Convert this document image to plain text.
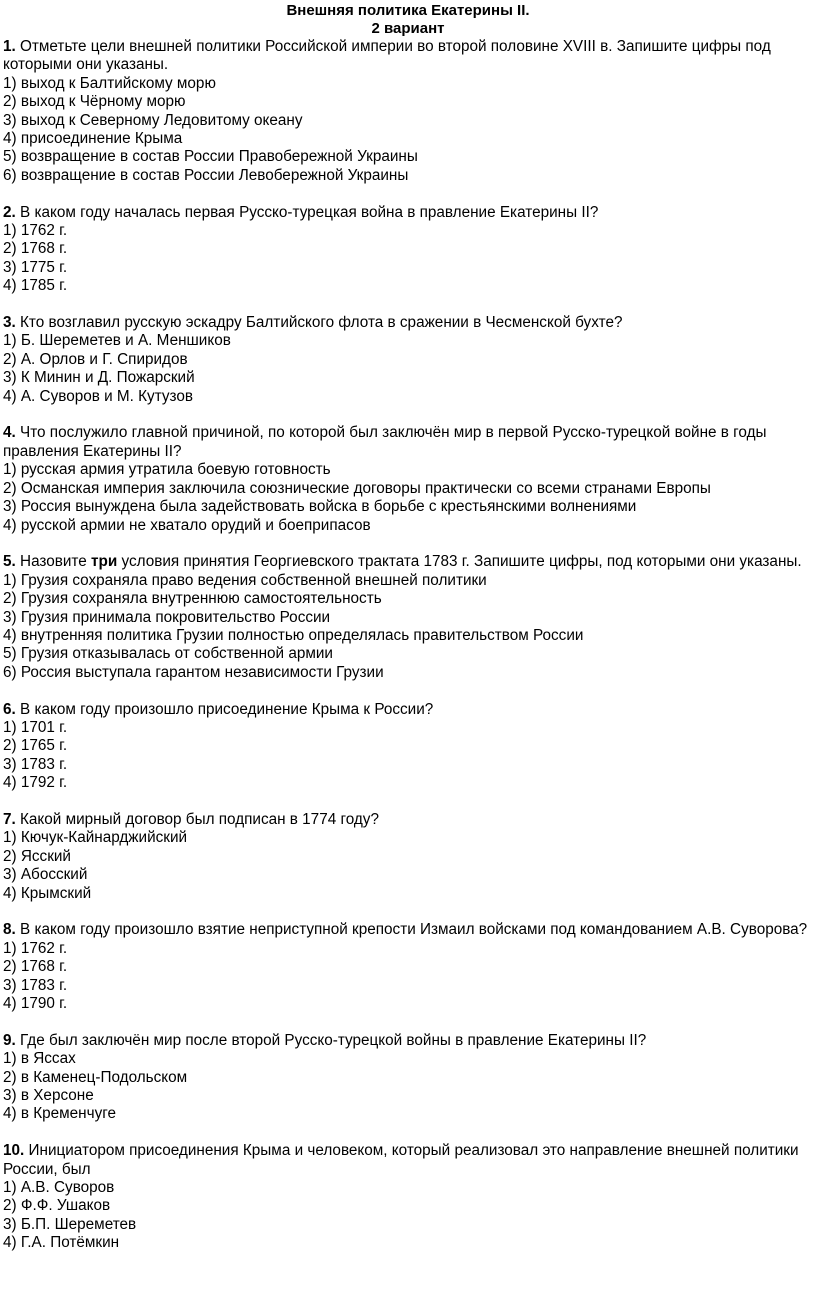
Внешняя политика Екатерины II.

2 вариант

1. Отметьте цели внешней политики Российской империи во второй половине XVIII в. Запишите цифры под которыми они указаны.

1) выход к Балтийскому морю

2) выход к Чёрному морю

3) выход к Северному Ледовитому океану

4) присоединение Крыма

5) возвращение в состав России Правобережной Украины

6) возвращение в состав России Левобережной Украины

2. В каком году началась первая Русско-турецкая война в правление Екатерины II?

1) 1762 г.

2) 1768 г.

3) 1775 г.

4) 1785 г.

3. Кто возглавил русскую эскадру Балтийского флота в сражении в Чесменской бухте?

1) Б. Шереметев и А. Меншиков

2) А. Орлов и Г. Спиридов

3) К Минин и Д. Пожарский

4) А. Суворов и М. Кутузов

4. Что послужило главной причиной, по которой был заключён мир в первой Русско-турецкой войне в годы правления Екатерины II?

1) русская армия утратила боевую готовность

2) Османская империя заключила союзнические договоры практически со всеми странами Европы

3) Россия вынуждена была задействовать войска в борьбе с крестьянскими волнениями

4) русской армии не хватало орудий и боеприпасов

5. Назовите три условия принятия Георгиевского трактата 1783 г. Запишите цифры, под которыми они указаны.

1) Грузия сохраняла право ведения собственной внешней политики

2) Грузия сохраняла внутреннюю самостоятельность

3) Грузия принимала покровительство России

4) внутренняя политика Грузии полностью определялась правительством России

5) Грузия отказывалась от собственной армии

6) Россия выступала гарантом независимости Грузии

6. В каком году произошло присоединение Крыма к России?

1) 1701 г.

2) 1765 г.

3) 1783 г.

4) 1792 г.

7. Какой мирный договор был подписан в 1774 году?

1) Кючук-Кайнарджийский

2) Ясский

3) Абосский

4) Крымский

8. В каком году произошло взятие неприступной крепости Измаил войсками под командованием А.В. Суворова?

1) 1762 г.

2) 1768 г.

3) 1783 г.

4) 1790 г.

9. Где был заключён мир после второй Русско-турецкой войны в правление Екатерины II?

1) в Яссах

2) в Каменец-Подольском

3) в Херсоне

4) в Кременчуге

10. Инициатором присоединения Крыма и человеком, который реализовал это направление внешней политики России, был

1) А.В. Суворов

2) Ф.Ф. Ушаков

3) Б.П. Шереметев

4) Г.А. Потёмкин
